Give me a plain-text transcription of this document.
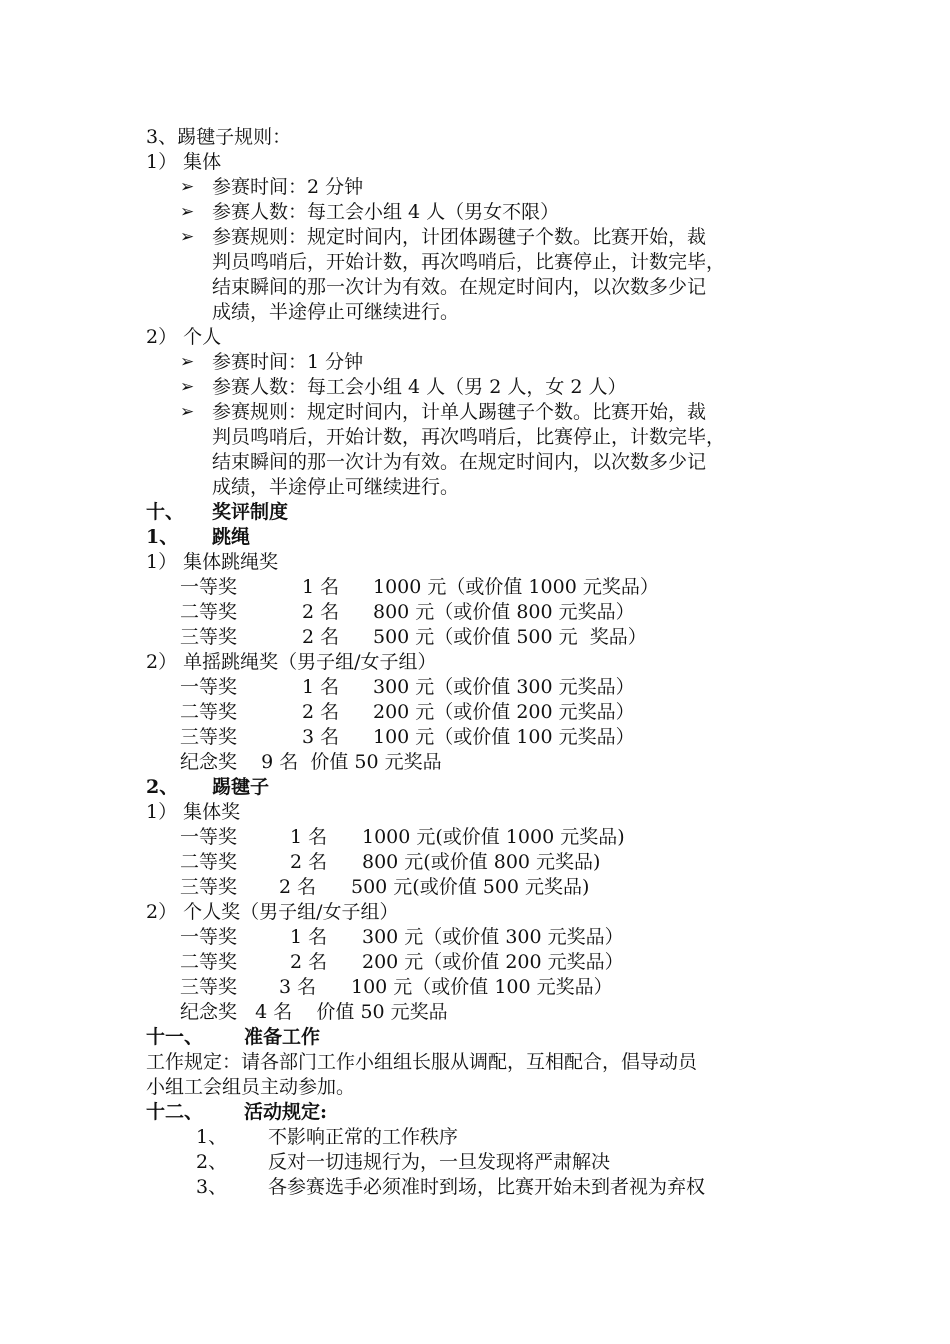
3、踢毽子规则：
1） 集体
➢ 参赛时间：2 分钟
➢ 参赛人数：每工会小组 4 人（男女不限）
➢ 参赛规则：规定时间内，计团体踢毽子个数。比赛开始，裁
判员鸣哨后，开始计数，再次鸣哨后，比赛停止，计数完毕，
结束瞬间的那一次计为有效。在规定时间内，以次数多少记
成绩，半途停止可继续进行。
2） 个人
➢ 参赛时间：1 分钟
➢ 参赛人数：每工会小组 4 人（男 2 人，女 2 人）
➢ 参赛规则：规定时间内，计单人踢毽子个数。比赛开始，裁
判员鸣哨后，开始计数，再次鸣哨后，比赛停止，计数完毕，
结束瞬间的那一次计为有效。在规定时间内，以次数多少记
成绩，半途停止可继续进行。
十、 奖评制度
1、 跳绳
1） 集体跳绳奖
一等奖	1 名 1000 元（或价值 1000 元奖品）
二等奖	2 名 800 元（或价值 800 元奖品）
三等奖	2 名 500 元（或价值 500 元  奖品）
2） 单摇跳绳奖（男子组/女子组）
一等奖	1 名 300 元（或价值 300 元奖品）
二等奖	2 名 200 元（或价值 200 元奖品）
三等奖	3 名 100 元（或价值 100 元奖品）
纪念奖    9 名  价值 50 元奖品
2、 踢毽子
1） 集体奖
一等奖	1 名 1000 元(或价值 1000 元奖品)
二等奖	2 名 800 元(或价值 800 元奖品)
三等奖 2 名 500 元(或价值 500 元奖品)
2） 个人奖（男子组/女子组）
一等奖	1 名 300 元（或价值 300 元奖品）
二等奖	2 名 200 元（或价值 200 元奖品）
三等奖 3 名 100 元（或价值 100 元奖品）
纪念奖   4 名    价值 50 元奖品
十一、 准备工作
工作规定：请各部门工作小组组长服从调配，互相配合，倡导动员
小组工会组员主动参加。
十二、 活动规定:
1、 不影响正常的工作秩序
2、 反对一切违规行为，一旦发现将严肃解决
3、 各参赛选手必须准时到场，比赛开始未到者视为弃权
